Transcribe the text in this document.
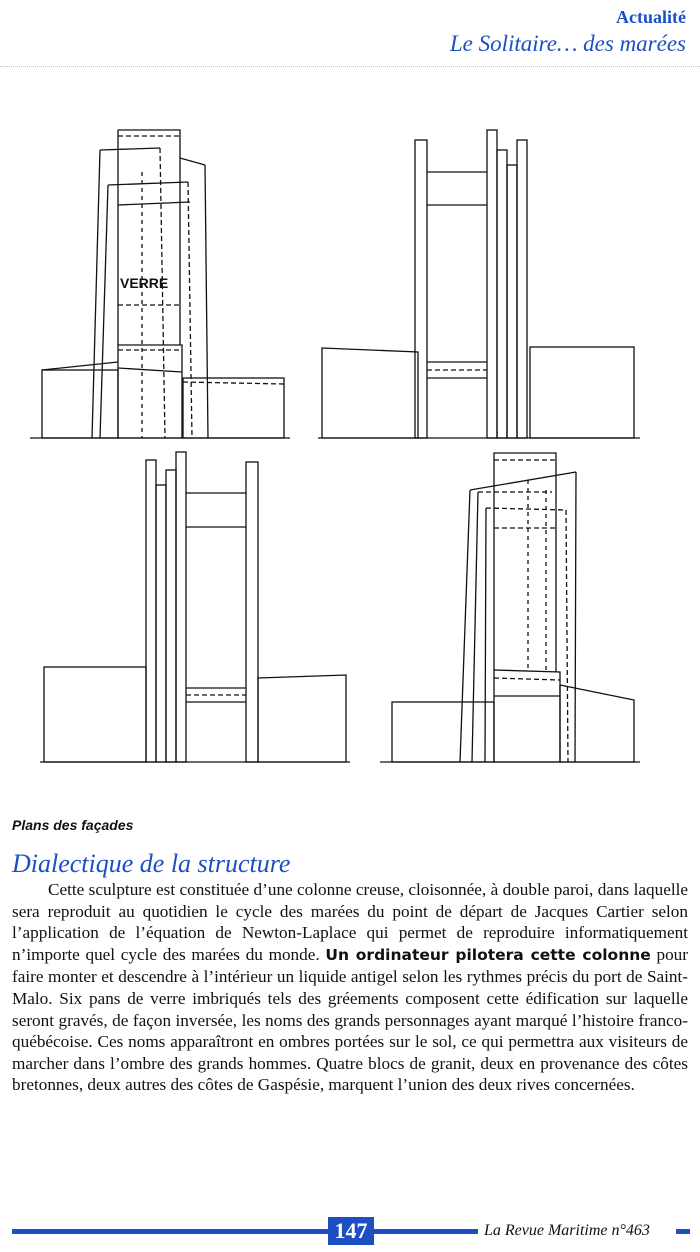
Actualité
Le Solitaire… des marées
VERRE
Plans des façades
Dialectique de la structure

Cette sculpture est constituée d’une colonne creuse, cloisonnée, à double paroi, dans laquelle sera reproduit au quotidien le cycle des marées du point de départ de Jacques Cartier selon l’application de l’équation de Newton-Laplace qui permet de reproduire informatiquement n’importe quel cycle des marées du monde. Un ordinateur pilotera cette colonne pour faire monter et descendre à l’intérieur un liquide antigel selon les rythmes précis du port de Saint-Malo. Six pans de verre imbriqués tels des gréements composent cette édification sur laquelle seront gravés, de façon inversée, les noms des grands personnages ayant marqué l’histoire franco-québécoise. Ces noms apparaîtront en ombres portées sur le sol, ce qui permettra aux visiteurs de marcher dans l’ombre des grands hommes. Quatre blocs de granit, deux en provenance des côtes bretonnes, deux autres des côtes de Gaspésie, marquent l’union des deux rives concernées.

147	La Revue Maritime n°463
